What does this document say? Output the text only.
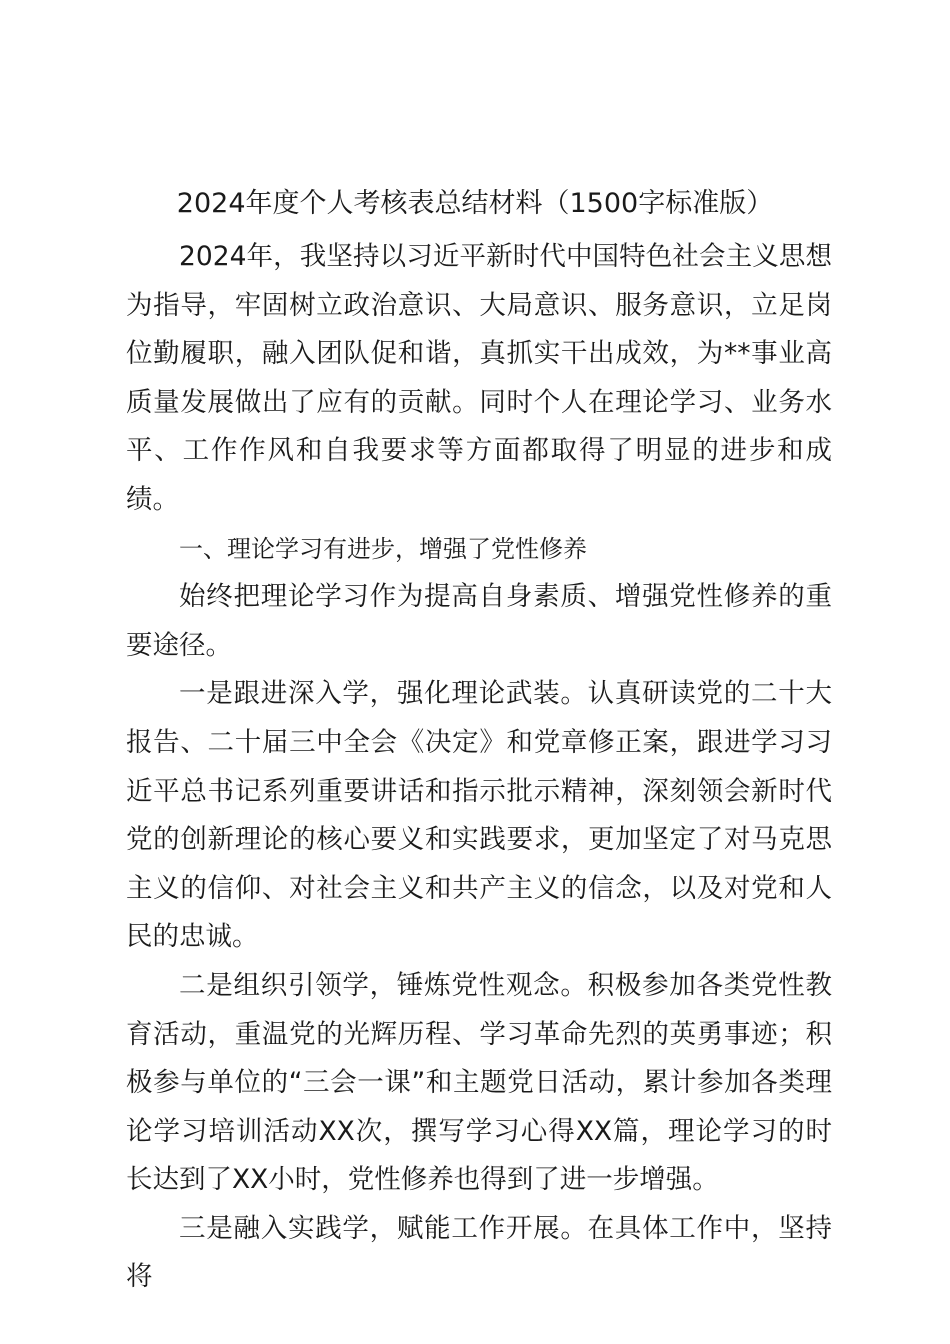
2024年度个人考核表总结材料（1500字标准版）

2024年，我坚持以习近平新时代中国特色社会主义思想为指导，牢固树立政治意识、大局意识、服务意识，立足岗位勤履职，融入团队促和谐，真抓实干出成效，为**事业高质量发展做出了应有的贡献。同时个人在理论学习、业务水平、工作作风和自我要求等方面都取得了明显的进步和成绩。

一、理论学习有进步，增强了党性修养

始终把理论学习作为提高自身素质、增强党性修养的重要途径。

一是跟进深入学，强化理论武装。认真研读党的二十大报告、二十届三中全会《决定》和党章修正案，跟进学习习近平总书记系列重要讲话和指示批示精神，深刻领会新时代党的创新理论的核心要义和实践要求，更加坚定了对马克思主义的信仰、对社会主义和共产主义的信念，以及对党和人民的忠诚。

二是组织引领学，锤炼党性观念。积极参加各类党性教育活动，重温党的光辉历程、学习革命先烈的英勇事迹；积极参与单位的“三会一课”和主题党日活动，累计参加各类理论学习培训活动XX次，撰写学习心得XX篇，理论学习的时长达到了XX小时，党性修养也得到了进一步增强。

三是融入实践学，赋能工作开展。在具体工作中，坚持将
